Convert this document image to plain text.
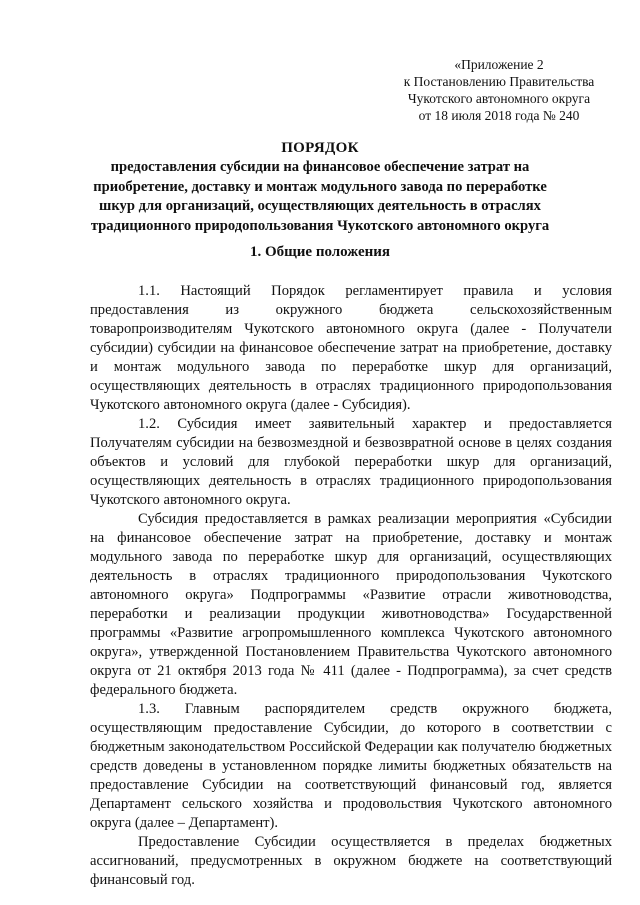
«Приложение 2
к Постановлению Правительства
Чукотского автономного округа
от 18 июля 2018 года № 240
ПОРЯДОК
предоставления субсидии на финансовое обеспечение затрат на
приобретение, доставку и монтаж модульного завода по переработке
шкур для организаций, осуществляющих деятельность в отраслях
традиционного природопользования Чукотского автономного округа
1. Общие положения

1.1. Настоящий Порядок регламентирует правила и условия предоставления из окружного бюджета сельскохозяйственным товаропроизводителям Чукотского автономного округа (далее - Получатели субсидии) субсидии на финансовое обеспечение затрат на приобретение, доставку и монтаж модульного завода по переработке шкур для организаций, осуществляющих деятельность в отраслях традиционного природопользования Чукотского автономного округа (далее - Субсидия).

1.2. Субсидия имеет заявительный характер и предоставляется Получателям субсидии на безвозмездной и безвозвратной основе в целях создания объектов и условий для глубокой переработки шкур для организаций, осуществляющих деятельность в отраслях традиционного природопользования Чукотского автономного округа.

Субсидия предоставляется в рамках реализации мероприятия «Субсидии на финансовое обеспечение затрат на приобретение, доставку и монтаж модульного завода по переработке шкур для организаций, осуществляющих деятельность в отраслях традиционного природопользования Чукотского автономного округа» Подпрограммы «Развитие отрасли животноводства, переработки и реализации продукции животноводства» Государственной программы «Развитие агропромышленного комплекса Чукотского автономного округа», утвержденной Постановлением Правительства Чукотского автономного округа от 21 октября 2013 года № 411 (далее - Подпрограмма), за счет средств федерального бюджета.

1.3. Главным распорядителем средств окружного бюджета, осуществляющим предоставление Субсидии, до которого в соответствии с бюджетным законодательством Российской Федерации как получателю бюджетных средств доведены в установленном порядке лимиты бюджетных обязательств на предоставление Субсидии на соответствующий финансовый год, является Департамент сельского хозяйства и продовольствия Чукотского автономного округа (далее – Департамент).

Предоставление Субсидии осуществляется в пределах бюджетных ассигнований, предусмотренных в окружном бюджете на соответствующий финансовый год.
